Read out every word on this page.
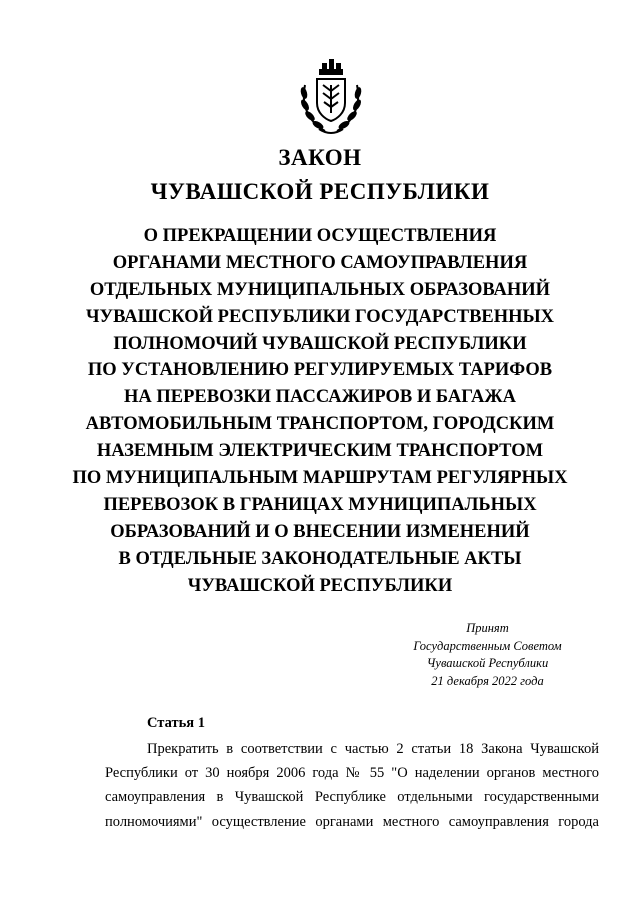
ЗАКОН
ЧУВАШСКОЙ РЕСПУБЛИКИ
О ПРЕКРАЩЕНИИ ОСУЩЕСТВЛЕНИЯ
ОРГАНАМИ МЕСТНОГО САМОУПРАВЛЕНИЯ
ОТДЕЛЬНЫХ МУНИЦИПАЛЬНЫХ ОБРАЗОВАНИЙ
ЧУВАШСКОЙ РЕСПУБЛИКИ ГОСУДАРСТВЕННЫХ
ПОЛНОМОЧИЙ ЧУВАШСКОЙ РЕСПУБЛИКИ
ПО УСТАНОВЛЕНИЮ РЕГУЛИРУЕМЫХ ТАРИФОВ
НА ПЕРЕВОЗКИ ПАССАЖИРОВ И БАГАЖА
АВТОМОБИЛЬНЫМ ТРАНСПОРТОМ, ГОРОДСКИМ
НАЗЕМНЫМ ЭЛЕКТРИЧЕСКИМ ТРАНСПОРТОМ
ПО МУНИЦИПАЛЬНЫМ МАРШРУТАМ РЕГУЛЯРНЫХ
ПЕРЕВОЗОК В ГРАНИЦАХ МУНИЦИПАЛЬНЫХ
ОБРАЗОВАНИЙ И О ВНЕСЕНИИ ИЗМЕНЕНИЙ
В ОТДЕЛЬНЫЕ ЗАКОНОДАТЕЛЬНЫЕ АКТЫ
ЧУВАШСКОЙ РЕСПУБЛИКИ
Принят
Государственным Советом
Чувашской Республики
21 декабря 2022 года
Статья 1
Прекратить в соответствии с частью 2 статьи 18 Закона Чувашской
Республики от 30 ноября 2006 года № 55 "О наделении органов местного
самоуправления в Чувашской Республике отдельными государственными
полномочиями" осуществление органами местного самоуправления города
